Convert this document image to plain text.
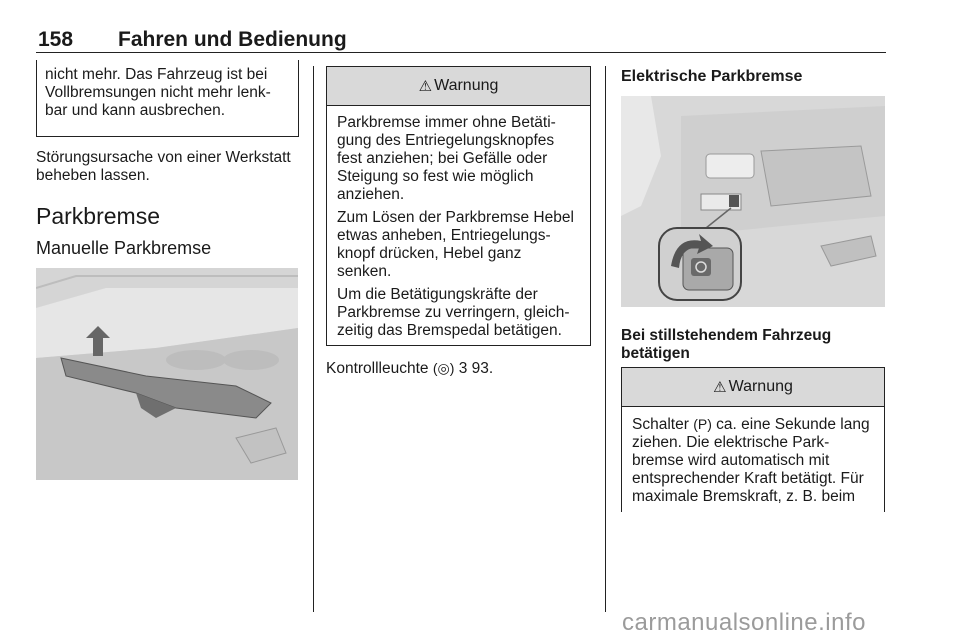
158 Fahren und Bedienung

nicht mehr. Das Fahrzeug ist bei

Vollbremsungen nicht mehr lenk-

bar und kann ausbrechen.

Störungsursache von einer Werkstatt

beheben lassen.

Parkbremse
Manuelle Parkbremse
⚠ Warnung

Parkbremse immer ohne Betäti-
gung des Entriegelungsknopfes
fest anziehen; bei Gefälle oder
Steigung so fest wie möglich
anziehen.

Zum Lösen der Parkbremse Hebel
etwas anheben, Entriegelungs-
knopf drücken, Hebel ganz
senken.

Um die Betätigungskräfte der
Parkbremse zu verringern, gleich-
zeitig das Bremspedal betätigen.

Kontrollleuchte (◎) 3 93.
Elektrische Parkbremse
Bei stillstehendem Fahrzeug
betätigen
⚠ Warnung

Schalter (P) ca. eine Sekunde lang
ziehen. Die elektrische Park-
bremse wird automatisch mit
entsprechender Kraft betätigt. Für
maximale Bremskraft, z. B. beim

carmanualsonline.info
